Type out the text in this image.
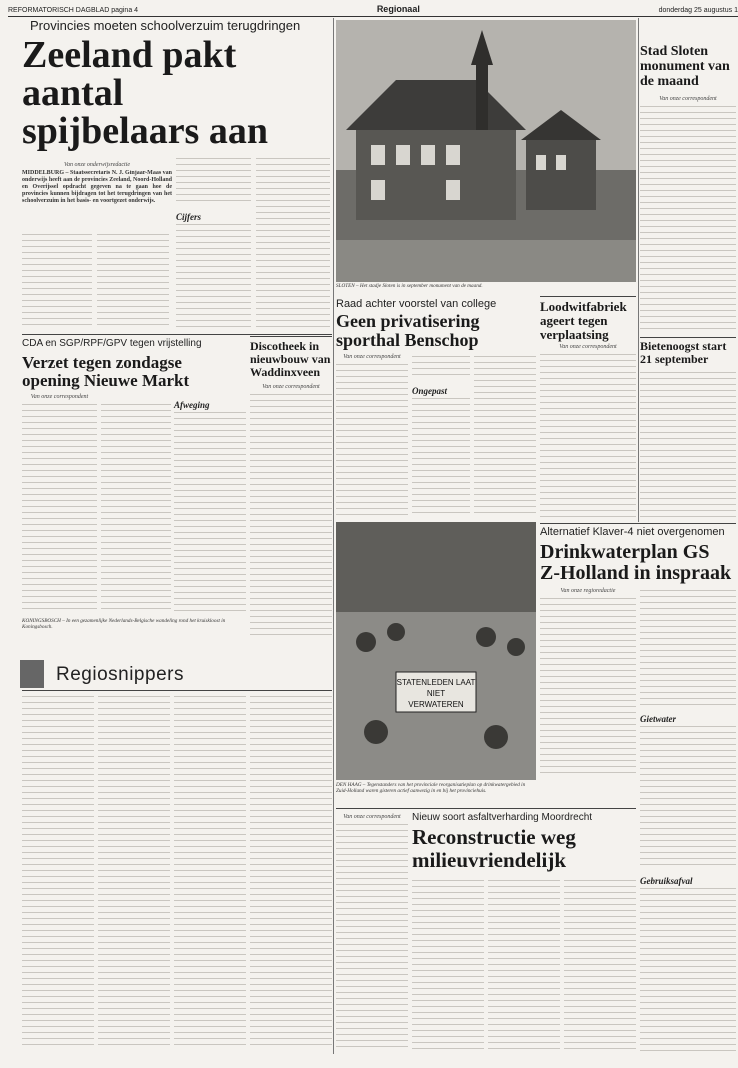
REFORMATORISCH DAGBLAD pagina 4	Regionaal	donderdag 25 augustus 1
Provincies moeten schoolverzuim terugdringen
Zeeland pakt aantal
spijbelaars aan
Van onze onderwijsredactie
MIDDELBURG – Staatssecretaris N. J. Ginjaar-Maas van onderwijs heeft aan de provincies Zeeland, Noord-Holland en Overijssel opdracht gegeven na te gaan hoe de provincies kunnen bijdragen tot het terugdringen van het schoolverzuim in het basis- en voortgezet onderwijs.
Cijfers
SLOTEN – Het stadje Sloten is in september monument van de maand.
Stad Sloten monument van de maand
Van onze correspondent
Bietenoogst start 21 september
CDA en SGP/RPF/GPV tegen vrijstelling
Verzet tegen zondagse opening Nieuwe Markt
Van onze correspondent
Afweging
KONINGSBOSCH – In een gezamenlijke Nederlands-Belgische wandeling rond het kruiskloost in Koningsbosch.
Discotheek in nieuwbouw van Waddinxveen
Van onze correspondent
Raad achter voorstel van college
Geen privatisering sporthal Benschop
Van onze correspondent
Ongepast
Loodwitfabriek ageert tegen verplaatsing
Van onze correspondent
Alternatief Klaver-4 niet overgenomen
Drinkwaterplan GS
Z-Holland in inspraak
Van onze regioredactie
Gietwater
Gebruiksafval
STATENLEDEN LAAT
NIET
VERWATEREN
DEN HAAG – Tegenstanders van het provinciale reorganisatieplan op drinkwatergebied in Zuid-Holland waren gisteren actief aanwezig in en bij het provinciehuis.
Regiosnippers
Nieuw soort asfaltverharding Moordrecht
Reconstructie weg
milieuvriendelijk
Van onze correspondent
